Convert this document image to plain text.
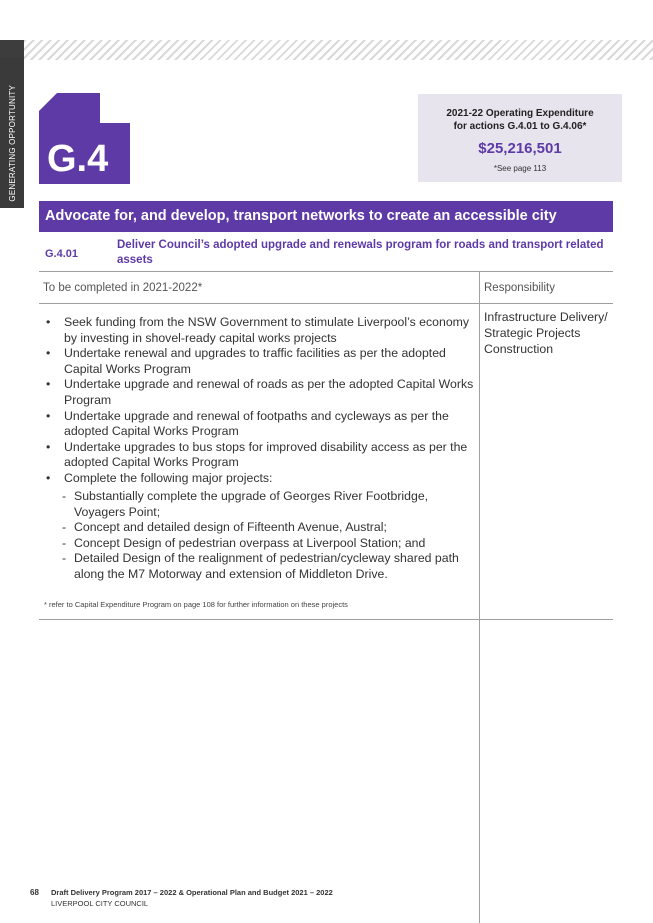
GENERATING OPPORTUNITY G.4
2021-22 Operating Expenditure
for actions G.4.01 to G.4.06*
$25,216,501
*See page 113
Advocate for, and develop, transport networks to create an accessible city
G.4.01
Deliver Council’s adopted upgrade and renewals program for roads and transport related assets
To be completed in 2021-2022*	Responsibility
• Seek funding from the NSW Government to stimulate Liverpool’s economy by investing in shovel-ready capital works projects
• Undertake renewal and upgrades to traffic facilities as per the adopted Capital Works Program
• Undertake upgrade and renewal of roads as per the adopted Capital Works Program
• Undertake upgrade and renewal of footpaths and cycleways as per the adopted Capital Works Program
• Undertake upgrades to bus stops for improved disability access as per the adopted Capital Works Program
• Complete the following major projects:
- Substantially complete the upgrade of Georges River Footbridge, Voyagers Point;
- Concept and detailed design of Fifteenth Avenue, Austral;
- Concept Design of pedestrian overpass at Liverpool Station; and
- Detailed Design of the realignment of pedestrian/cycleway shared path along the M7 Motorway and extension of Middleton Drive.
* refer to Capital Expenditure Program on page 108 for further information on these projects
Infrastructure Delivery/
Strategic Projects
Construction
68 Draft Delivery Program 2017 – 2022 & Operational Plan and Budget 2021 – 2022
LIVERPOOL CITY COUNCIL
